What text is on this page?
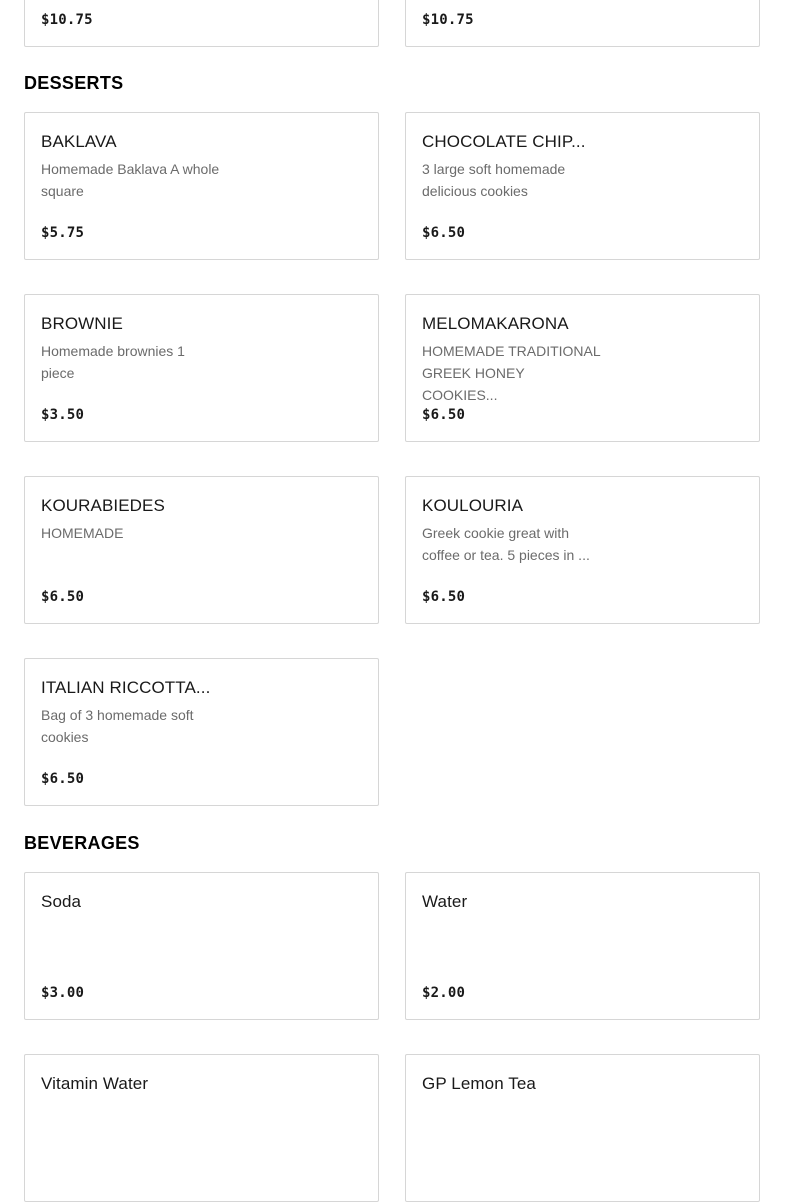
$10.75	$10.75
DESSERTS
BAKLAVA
Homemade Baklava A whole square
$5.75
CHOCOLATE CHIP...
3 large soft homemade delicious cookies
$6.50
BROWNIE
Homemade brownies 1 piece
$3.50
MELOMAKARONA
HOMEMADE TRADITIONAL GREEK HONEY COOKIES...
$6.50
KOURABIEDES
HOMEMADE
$6.50
KOULOURIA
Greek cookie great with coffee or tea. 5 pieces in ...
$6.50
ITALIAN RICCOTTA...
Bag of 3 homemade soft cookies
$6.50
BEVERAGES
Soda
$3.00
Water
$2.00
Vitamin Water	GP Lemon Tea
